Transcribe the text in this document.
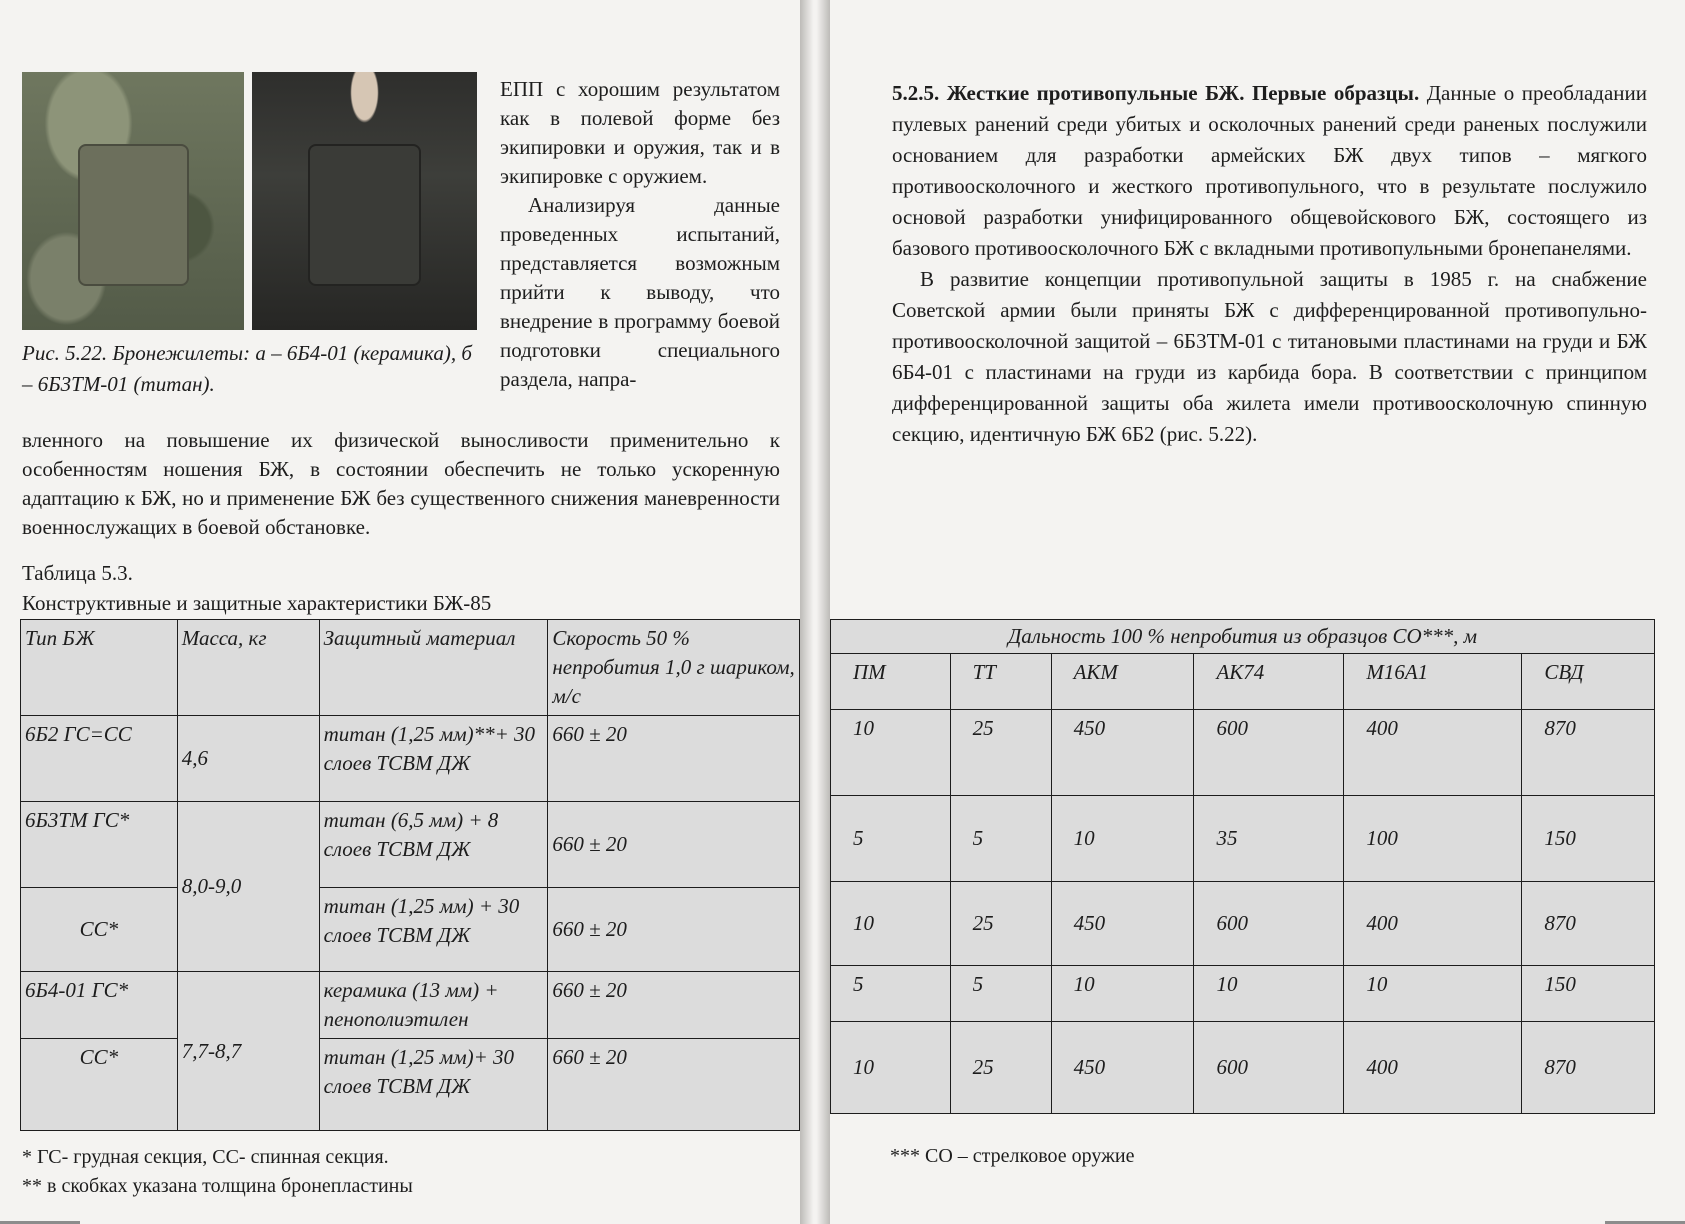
Рис. 5.22. Бронежилеты: а – 6Б4-01 (керамика), б – 6Б3ТМ-01 (титан).

ЕПП с хорошим результатом как в полевой форме без экипировки и оружия, так и в экипировке с оружием.

Анализируя данные проведенных испытаний, представляется возможным прийти к выводу, что внедрение в программу боевой подготовки специального раздела, напра-

вленного на повышение их физической выносливости применительно к особенностям ношения БЖ, в состоянии обеспечить не только ускоренную адаптацию к БЖ, но и применение БЖ без существенного снижения маневренности военнослужащих в боевой обстановке.
Таблица 5.3.
Конструктивные и защитные характеристики БЖ-85
Тип БЖ	Масса, кг	Защитный материал	Скорость 50 % непробития 1,0 г шариком, м/с
6Б2 ГС=СС	4,6	титан (1,25 мм)**+ 30 слоев ТСВМ ДЖ	660 ± 20
6Б3ТМ ГС*	8,0-9,0	титан (6,5 мм) + 8 слоев ТСВМ ДЖ	660 ± 20
СС*		титан (1,25 мм) + 30 слоев ТСВМ ДЖ	660 ± 20
6Б4-01 ГС*	7,7-8,7	керамика (13 мм) + пенополиэтилен	660 ± 20
СС*		титан (1,25 мм)+ 30 слоев ТСВМ ДЖ	660 ± 20
* ГС- грудная секция, СС- спинная секция.
** в скобках указана толщина бронепластины

5.2.5. Жесткие противопульные БЖ. Первые образцы. Данные о преобладании пулевых ранений среди убитых и осколочных ранений среди раненых послужили основанием для разработки армейских БЖ двух типов – мягкого противоосколочного и жесткого противопульного, что в результате послужило основой разработки унифицированного общевойскового БЖ, состоящего из базового противоосколочного БЖ с вкладными противопульными бронепанелями.

В развитие концепции противопульной защиты в 1985 г. на снабжение Советской армии были приняты БЖ с дифференцированной противопульно-противоосколочной защитой – 6Б3ТМ-01 с титановыми пластинами на груди и БЖ 6Б4-01 с пластинами на груди из карбида бора. В соответствии с принципом дифференцированной защиты оба жилета имели противоосколочную спинную секцию, идентичную БЖ 6Б2 (рис. 5.22).

Дальность 100 % непробития из образцов СО***, м					
ПМ	ТТ	АКМ	АК74	М16А1	СВД
10	25	450	600	400	870
5	5	10	35	100	150
10	25	450	600	400	870
5	5	10	10	10	150
10	25	450	600	400	870
*** СО – стрелковое оружие
